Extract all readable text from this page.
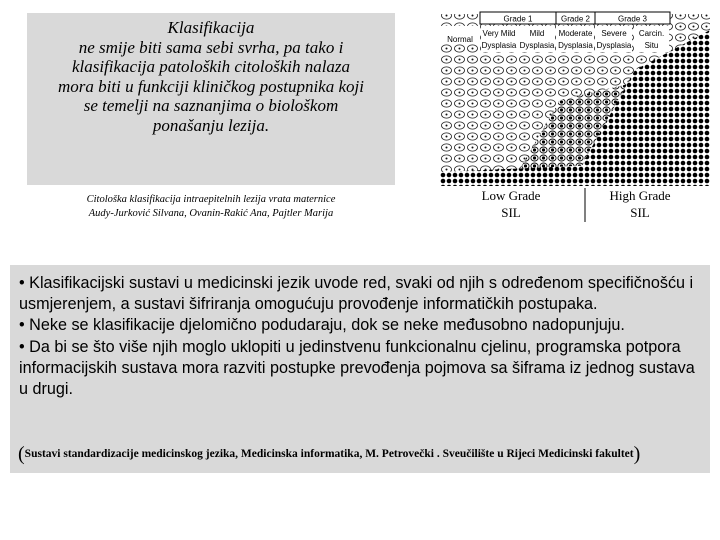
Klasifikacija
ne smije biti sama sebi svrha, pa tako i
klasifikacija patoloških citoloških nalaza
mora biti u funkciji kliničkog postupnika koji
se temelji na saznanjima o biološkom
ponašanju lezija.
Citološka klasifikacija intraepitelnih lezija vrata maternice
Audy-Jurković Silvana, Ovanin-Rakić Ana, Pajtler Marija
Grade 1	Grade 2	Grade 3
Normal
Very Mild
Dysplasia
Mild
Dysplasia
Moderate
Dysplasia
Severe
Dysplasia
Carcin.
Situ
Low Grade
SIL
High Grade
SIL

• Klasifikacijski sustavi u medicinski jezik uvode red, svaki od njih s određenom specifičnošću i usmjerenjem, a sustavi šifriranja omogućuju provođenje informatičkih postupaka.

• Neke se klasifikacije djelomično podudaraju, dok se neke međusobno nadopunjuju.

• Da bi se što više njih moglo uklopiti u jedinstvenu funkcionalnu cjelinu, programska potpora informacijskih sustava mora razviti postupke prevođenja pojmova sa šiframa iz jednog sustava u drugi.

(Sustavi standardizacije medicinskog jezika, Medicinska informatika, M. Petrovečki . Sveučilište u Rijeci Medicinski fakultet)
